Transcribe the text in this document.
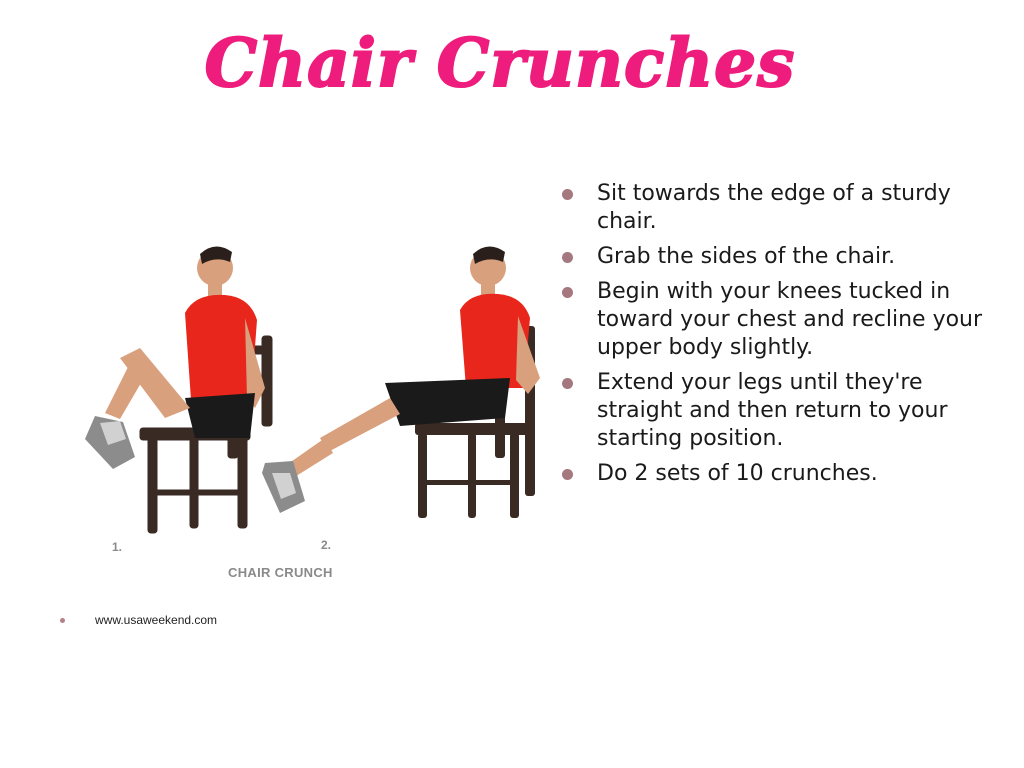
Chair Crunches
1.	2.
CHAIR CRUNCH
www.usaweekend.com
Sit towards the edge of a sturdy chair.
Grab the sides of the chair.
Begin with your knees tucked in toward your chest and recline your upper body slightly.
Extend your legs until they're straight and then return to your starting position.
Do 2 sets of 10 crunches.
